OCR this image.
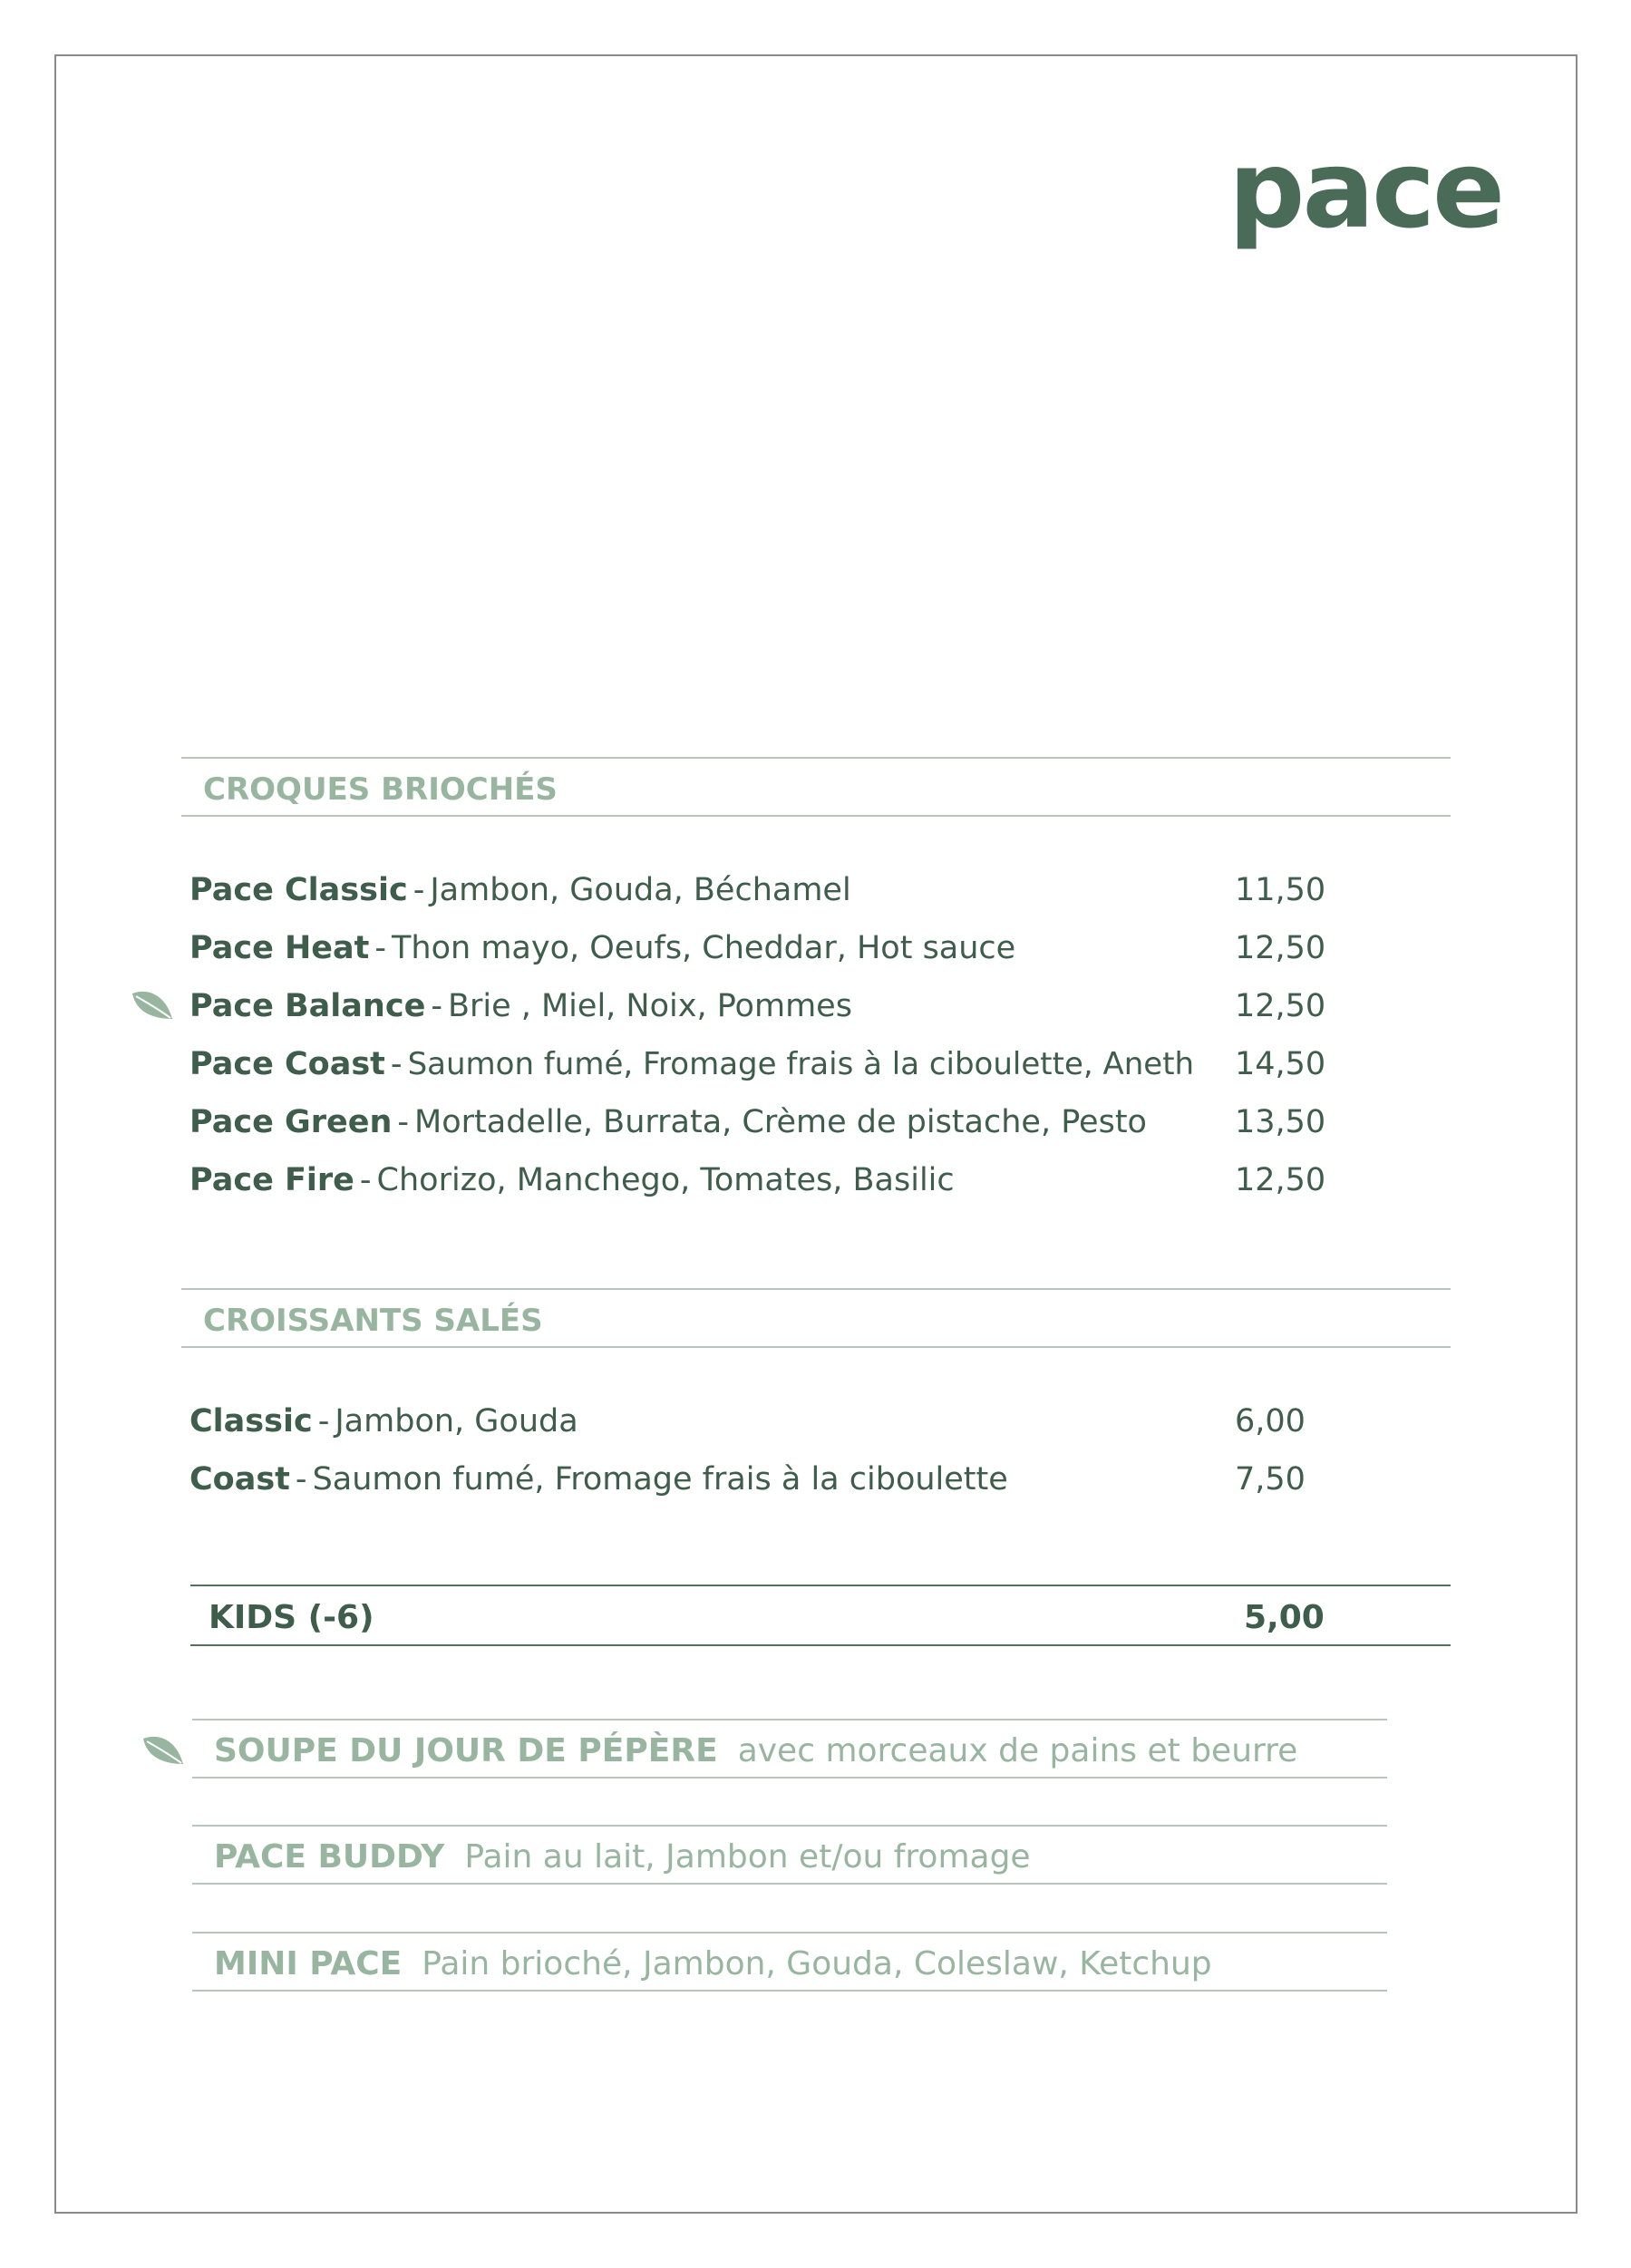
pace
CROQUES BRIOCHÉS
Pace Classic - Jambon, Gouda, Béchamel	11,50
Pace Heat - Thon mayo, Oeufs, Cheddar, Hot sauce	12,50
Pace Balance - Brie , Miel, Noix, Pommes	12,50
Pace Coast - Saumon fumé, Fromage frais à la ciboulette, Aneth 14,50
Pace Green - Mortadelle, Burrata, Crème de pistache, Pesto	13,50
Pace Fire - Chorizo, Manchego, Tomates, Basilic	12,50
CROISSANTS SALÉS
Classic - Jambon, Gouda	6,00
Coast - Saumon fumé, Fromage frais à la ciboulette	7,50
KIDS (-6)	5,00
SOUPE DU JOUR DE PÉPÈRE avec morceaux de pains et beurre
PACE BUDDY Pain au lait, Jambon et/ou fromage
MINI PACE Pain brioché, Jambon, Gouda, Coleslaw, Ketchup
